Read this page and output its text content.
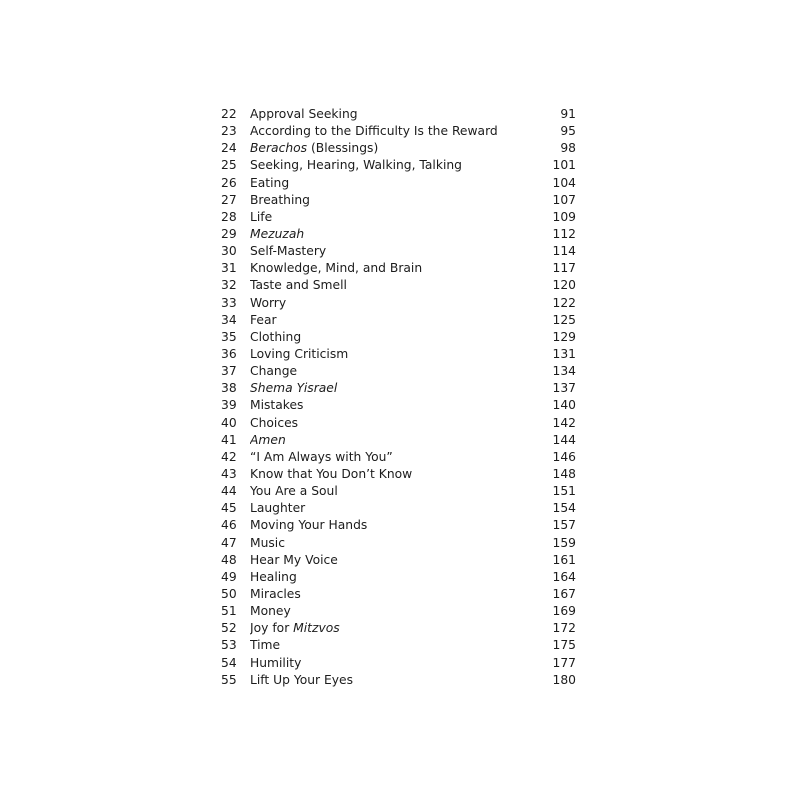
22	Approval Seeking	91
23	According to the Difficulty Is the Reward	95
24	Berachos (Blessings)	98
25	Seeking, Hearing, Walking, Talking	101
26	Eating	104
27	Breathing	107
28	Life	109
29	Mezuzah	112
30	Self-Mastery	114
31	Knowledge, Mind, and Brain	117
32	Taste and Smell	120
33	Worry	122
34	Fear	125
35	Clothing	129
36	Loving Criticism	131
37	Change	134
38	Shema Yisrael	137
39	Mistakes	140
40	Choices	142
41	Amen	144
42	“I Am Always with You”	146
43	Know that You Don’t Know	148
44	You Are a Soul	151
45	Laughter	154
46	Moving Your Hands	157
47	Music	159
48	Hear My Voice	161
49	Healing	164
50	Miracles	167
51	Money	169
52	Joy for Mitzvos	172
53	Time	175
54	Humility	177
55	Lift Up Your Eyes	180
